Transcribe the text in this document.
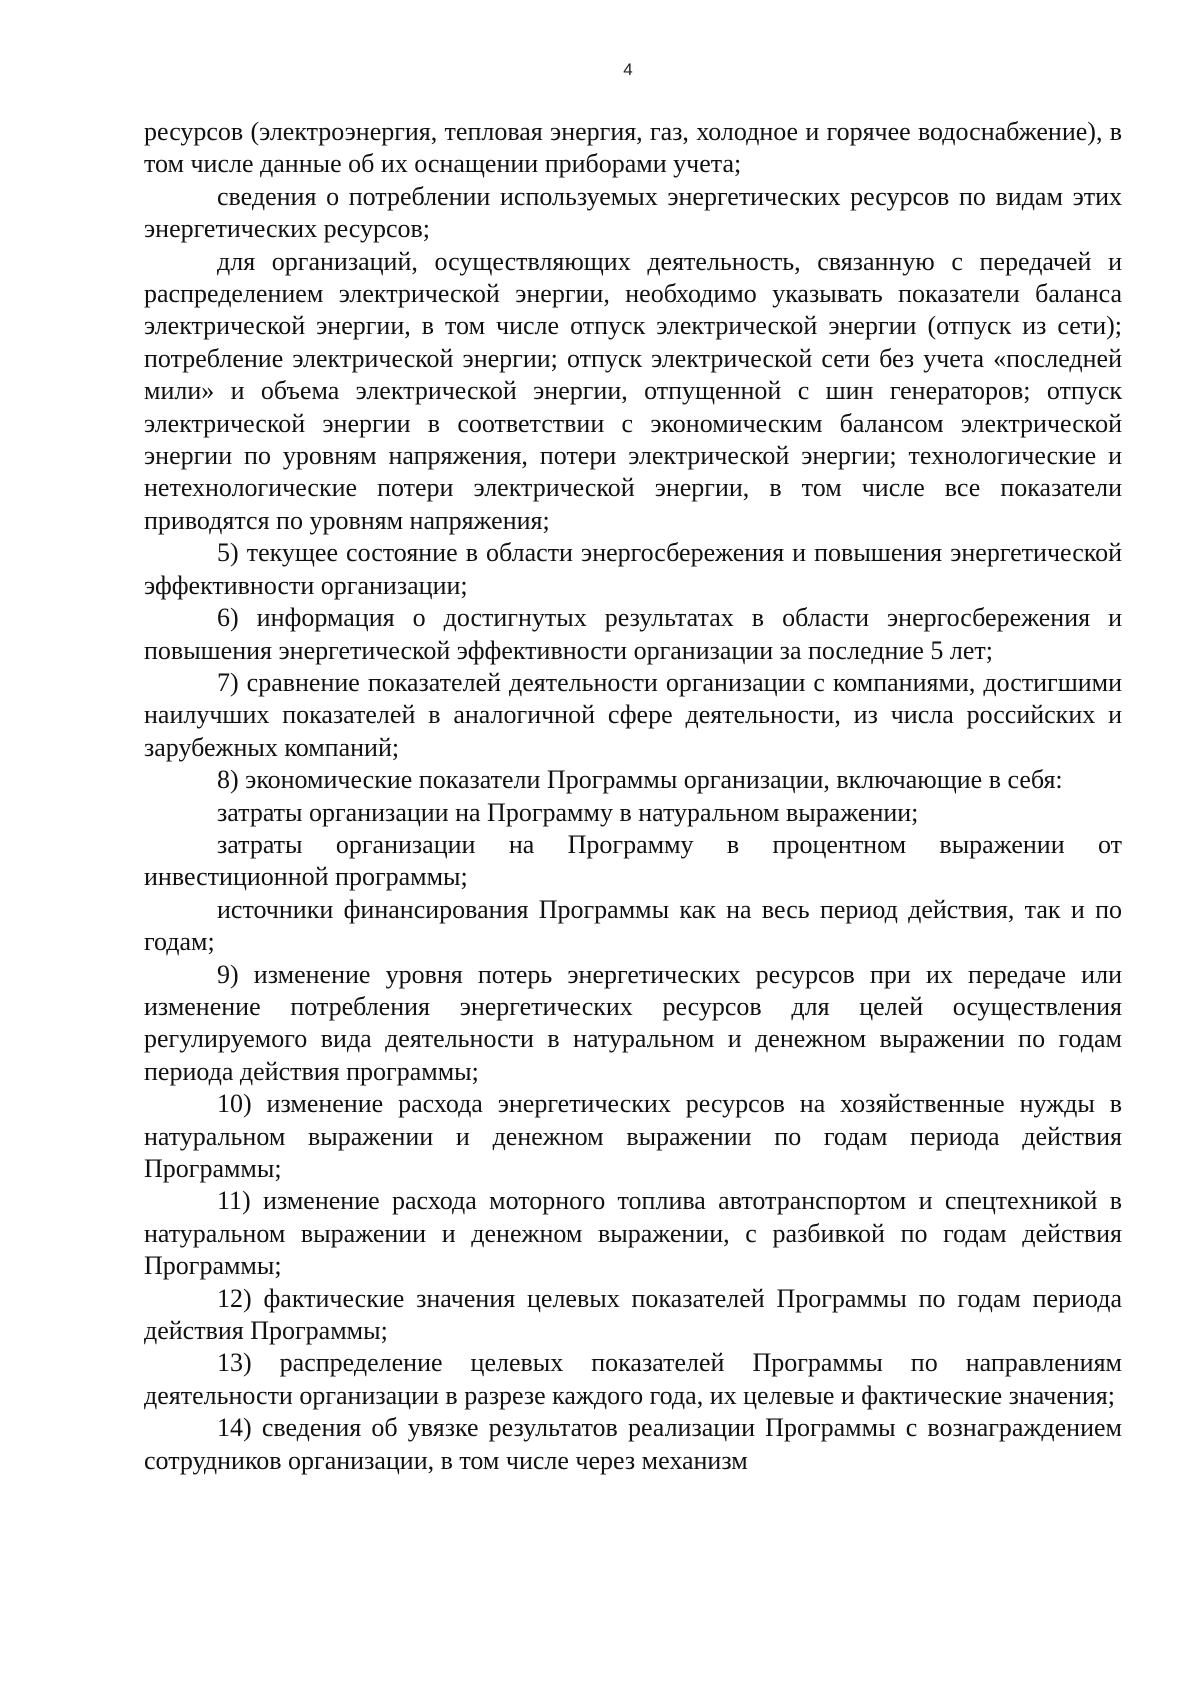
4

ресурсов (электроэнергия, тепловая энергия, газ, холодное и горячее водоснабжение), в том числе данные об их оснащении приборами учета;

сведения о потреблении используемых энергетических ресурсов по видам этих энергетических ресурсов;

для организаций, осуществляющих деятельность, связанную с передачей и распределением электрической энергии, необходимо указывать показатели баланса электрической энергии, в том числе отпуск электрической энергии (отпуск из сети); потребление электрической энергии; отпуск электрической сети без учета «последней мили» и объема электрической энергии, отпущенной с шин генераторов; отпуск электрической энергии в соответствии с экономическим балансом электрической энергии по уровням напряжения, потери электрической энергии; технологические и нетехнологические потери электрической энергии, в том числе все показатели приводятся по уровням напряжения;

5) текущее состояние в области энергосбережения и повышения энергетической эффективности организации;

6) информация о достигнутых результатах в области энергосбережения и повышения энергетической эффективности организации за последние 5 лет;

7) сравнение показателей деятельности организации с компаниями, достигшими наилучших показателей в аналогичной сфере деятельности, из числа российских и зарубежных компаний;

8) экономические показатели Программы организации, включающие в себя:

затраты организации на Программу в натуральном выражении;

затраты организации на Программу в процентном выражении от инвестиционной программы;

источники финансирования Программы как на весь период действия, так и по годам;

9) изменение уровня потерь энергетических ресурсов при их передаче или изменение потребления энергетических ресурсов для целей осуществления регулируемого вида деятельности в натуральном и денежном выражении по годам периода действия программы;

10) изменение расхода энергетических ресурсов на хозяйственные нужды в натуральном выражении и денежном выражении по годам периода действия Программы;

11) изменение расхода моторного топлива автотранспортом и спецтехникой в натуральном выражении и денежном выражении, с разбивкой по годам действия Программы;

12) фактические значения целевых показателей Программы по годам периода действия Программы;

13) распределение целевых показателей Программы по направлениям деятельности организации в разрезе каждого года, их целевые и фактические значения;

14) сведения об увязке результатов реализации Программы с вознаграждением сотрудников организации, в том числе через механизм
